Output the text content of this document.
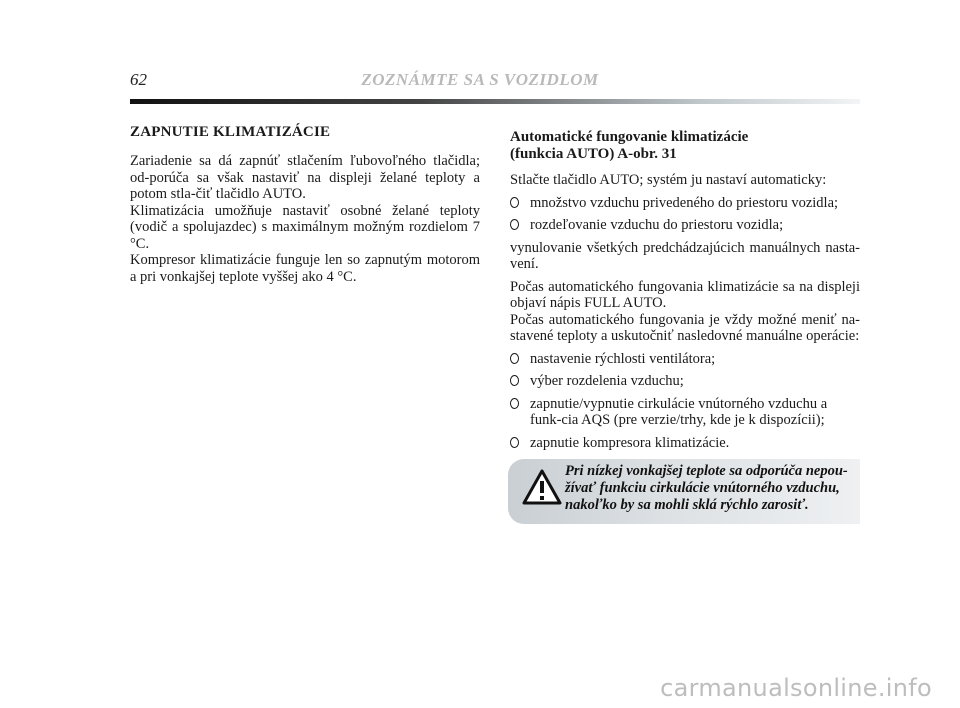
62	ZOZNÁMTE SA S VOZIDLOM
ZAPNUTIE KLIMATIZÁCIE

Zariadenie sa dá zapnúť stlačením ľubovoľného tlačidla; od-porúča sa však nastaviť na displeji želané teploty a potom stla-čiť tlačidlo AUTO.

Klimatizácia umožňuje nastaviť osobné želané teploty (vodič a spolujazdec) s maximálnym možným rozdielom 7 °C.

Kompresor klimatizácie funguje len so zapnutým motorom a pri vonkajšej teplote vyššej ako 4 °C.

Automatické fungovanie klimatizácie
(funkcia AUTO) A-obr. 31

Stlačte tlačidlo AUTO; systém ju nastaví automaticky:

množstvo vzduchu privedeného do priestoru vozidla;
rozdeľovanie vzduchu do priestoru vozidla;

vynulovanie všetkých predchádzajúcich manuálnych nasta-vení.

Počas automatického fungovania klimatizácie sa na displeji objaví nápis FULL AUTO.

Počas automatického fungovania je vždy možné meniť na-stavené teploty a uskutočniť nasledovné manuálne operácie:

nastavenie rýchlosti ventilátora;
výber rozdelenia vzduchu;
zapnutie/vypnutie cirkulácie vnútorného vzduchu a funk-cia AQS (pre verzie/trhy, kde je k dispozícii);
zapnutie kompresora klimatizácie.
Pri nízkej vonkajšej teplote sa odporúča nepou-žívať funkciu cirkulácie vnútorného vzduchu, nakoľko by sa mohli sklá rýchlo zarosiť.
carmanualsonline.info
